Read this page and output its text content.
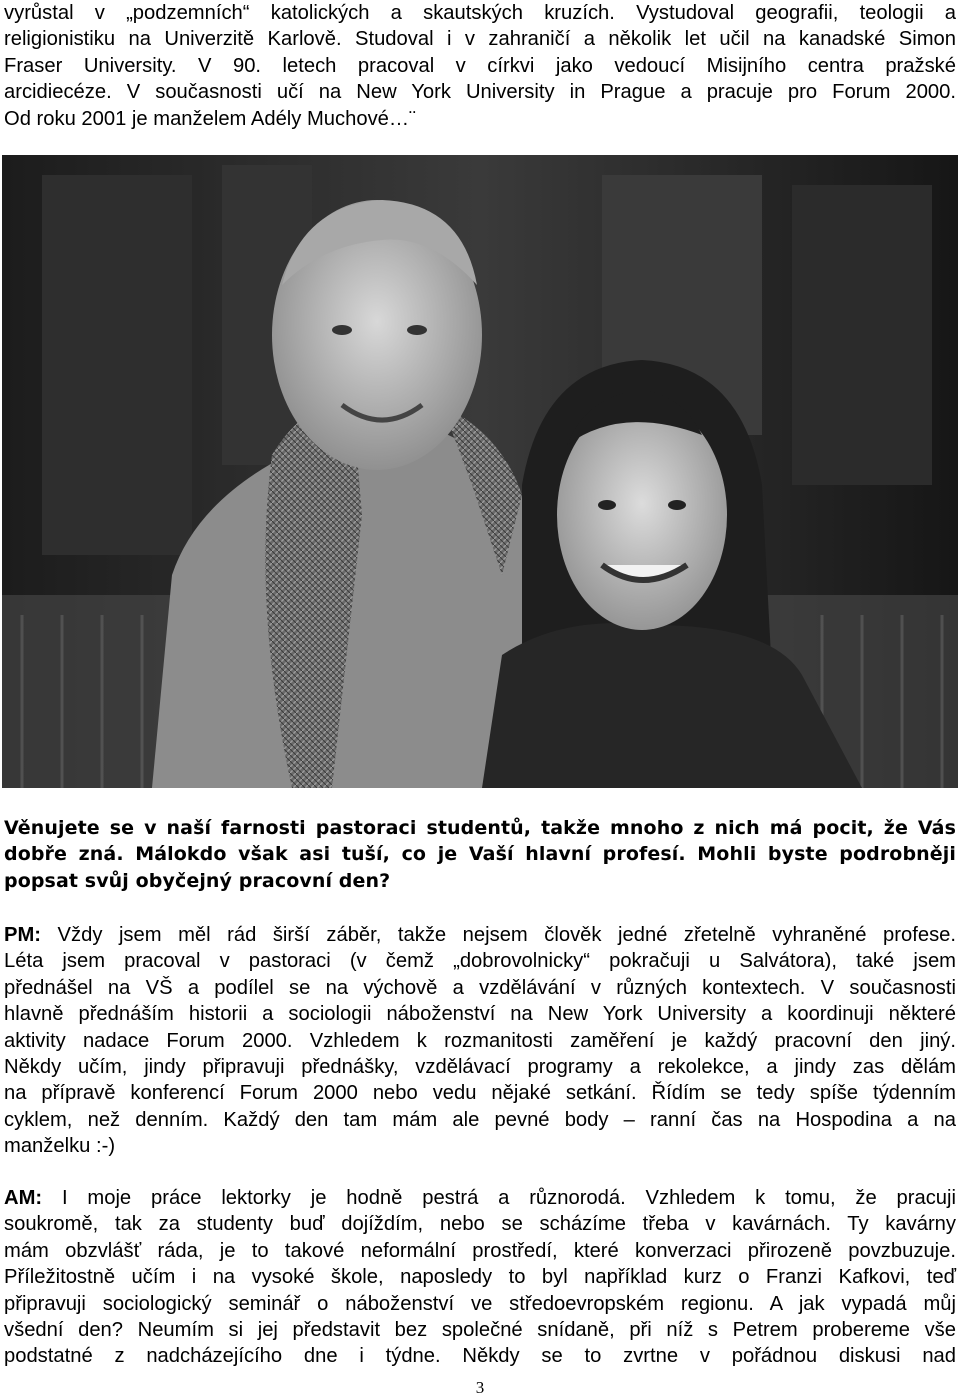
vyrůstal v „podzemních“ katolických a skautských kruzích. Vystudoval geografii, teologii a
religionistiku na Univerzitě Karlově. Studoval i v zahraničí a několik let učil na kanadské Simon
Fraser University. V 90. letech pracoval v církvi jako vedoucí Misijního centra pražské
arcidiecéze. V současnosti učí na New York University in Prague a pracuje pro Forum 2000.
Od roku 2001 je manželem Adély Muchové…¨
Věnujete se v naší farnosti pastoraci studentů, takže mnoho z nich má pocit, že Vás
dobře zná. Málokdo však asi tuší, co je Vaší hlavní profesí. Mohli byste podrobněji
popsat svůj obyčejný pracovní den?
PM: Vždy jsem měl rád širší záběr, takže nejsem člověk jedné zřetelně vyhraněné profese.
Léta jsem pracoval v pastoraci (v čemž „dobrovolnicky“ pokračuji u Salvátora), také jsem
přednášel na VŠ a podílel se na výchově a vzdělávání v různých kontextech. V současnosti
hlavně přednáším historii a sociologii náboženství na New York University a koordinuji některé
aktivity nadace Forum 2000. Vzhledem k rozmanitosti zaměření je každý pracovní den jiný.
Někdy učím, jindy připravuji přednášky, vzdělávací programy a rekolekce, a jindy zas dělám
na přípravě konferencí Forum 2000 nebo vedu nějaké setkání. Řídím se tedy spíše týdenním
cyklem, než denním. Každý den tam mám ale pevné body – ranní čas na Hospodina a na
manželku :-)
AM: I moje práce lektorky je hodně pestrá a různorodá. Vzhledem k tomu, že pracuji
soukromě, tak za studenty buď dojíždím, nebo se scházíme třeba v kavárnách. Ty kavárny
mám obzvlášť ráda, je to takové neformální prostředí, které konverzaci přirozeně povzbuzuje.
Příležitostně učím i na vysoké škole, naposledy to byl například kurz o Franzi Kafkovi, teď
připravuji sociologický seminář o náboženství ve středoevropském regionu. A jak vypadá můj
všední den? Neumím si jej představit bez společné snídaně, při níž s Petrem probereme vše
podstatné z nadcházejícího dne i týdne. Někdy se to zvrtne v pořádnou diskusi nad
3
